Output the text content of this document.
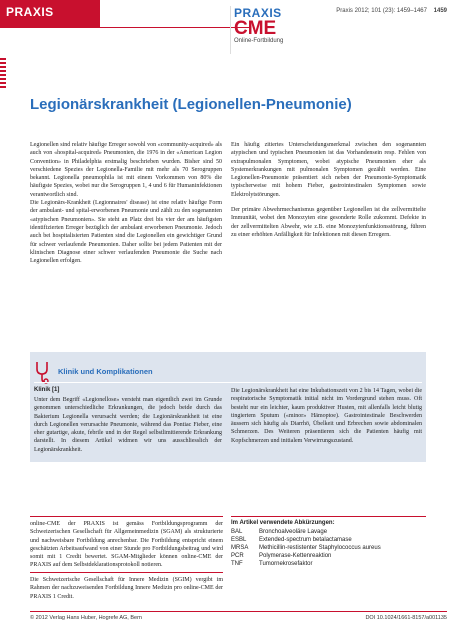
PRAXIS	PRAXIS
CME
Online-Fortbildung
Praxis 2012; 101 (23): 1459–1467 1459
Legionärskrankheit (Legionellen-Pneumonie)

Legionellen sind relativ häufige Erreger sowohl von «community-acquired» als auch von «hospital-acquired» Pneumonien, die 1976 in der «American Legion Convention» in Philadelphia erstmalig beschrieben wurden. Bisher sind 50 verschiedene Spezies der Legionella-Familie mit mehr als 70 Serogruppen bekannt. Legionella pneumophila ist mit einem Vorkommen von 80% die häufigste Spezies, wobei nur die Serogruppen 1, 4 und 6 für Humaninfektionen verantwortlich sind.

Die Legionärs-Krankheit (Legionnaires' disease) ist eine relativ häufige Form der ambulant- und spital-erworbenen Pneumonie und zählt zu den sogenannten «atypischen Pneumonien». Sie steht an Platz drei bis vier der am häufigsten identifizierten Erreger bezüglich der ambulant erworbenen Pneumonie. Jedoch auch bei hospitalisierten Patienten sind die Legionellen ein gewichtiger Grund für schwer verlaufende Pneumonien. Daher sollte bei jedem Patienten mit der klinischen Diagnose einer schwer verlaufenden Pneumonie die Suche nach Legionellen erfolgen.

Ein häufig zitiertes Unterscheidungsmerkmal zwischen den sogenannten atypischen und typischen Pneumonien ist das Vorhandensein resp. Fehlen von extrapulmonalen Symptomen, wobei atypische Pneumonien eher als Systemerkrankungen mit pulmonalen Symptomen gezählt werden. Eine Legionellen-Pneumonie präsentiert sich neben der Pneumonie-Symptomatik typischerweise mit hohem Fieber, gastrointestinalen Symptomen sowie Elektrolytstörungen.

Der primäre Abwehrmechanismus gegenüber Legionellen ist die zellvermittelte Immunität, wobei den Monozyten eine gesonderte Rolle zukommt. Defekte in der zellvermittelten Abwehr, wie z.B. eine Monozytenfunktionsstörung, führen zu einer erhöhten Anfälligkeit für Infektionen mit diesen Erregern.

Klinik und Komplikationen
Klinik [1]
Unter dem Begriff «Legionellose» versteht man eigentlich zwei im Grunde genommen unterschiedliche Erkrankungen, die jedoch beide durch das Bakterium Legionella verursacht werden; die Legionärskrankheit ist eine durch Legionellen verursachte Pneumonie, während das Pontiac Fieber, eine eher gutartige, akute, febrile und in der Regel selbstlimitierende Erkrankung darstellt. In diesem Artikel widmen wir uns ausschliesslich der Legionärskrankheit.
Die Legionärskrankheit hat eine Inkubationszeit von 2 bis 14 Tagen, wobei die respiratorische Symptomatik initial nicht im Vordergrund stehen muss. Oft besteht nur ein leichter, kaum produktiver Husten, mit allenfalls leicht blutig tingiertem Sputum («minor» Hämoptoe). Gastrointestinale Beschwerden äussern sich häufig als Diarrhö, Übelkeit und Erbrechen sowie abdominalen Schmerzen. Des Weiteren präsentieren sich die Patienten häufig mit Kopfschmerzen und initialem Verwirrungszustand.
online-CME der PRAXIS ist gemäss Fortbildungsprogramm der Schweizerischen Gesellschaft für Allgemeinmedizin (SGAM) als strukturierte und nachweisbare Fortbildung anrechenbar. Die Fortbildung entspricht einem geschätzten Arbeitsaufwand von einer Stunde pro Fortbildungsbeitrag und wird somit mit 1 Credit bewertet. SGAM-Mitglieder können online-CME der PRAXIS auf dem Selbstdeklarationsprotokoll notieren.
Die Schweizerische Gesellschaft für Innere Medizin (SGIM) vergibt im Rahmen der nachzuweisenden Fortbildung Innere Medizin pro online-CME der PRAXIS 1 Credit.
Im Artikel verwendete Abkürzungen:
BAL	Bronchoalveoläre Lavage
ESBL	Extended-spectrum betalactamase
MRSA	Methicillin-restistenter Staphylococcus aureus
PCR	Polymerase-Kettenreaktion
TNF	Tumornekrosefaktor
© 2012 Verlag Hans Huber, Hogrefe AG, Bern	DOI 10.1024/1661-8157/a001135
